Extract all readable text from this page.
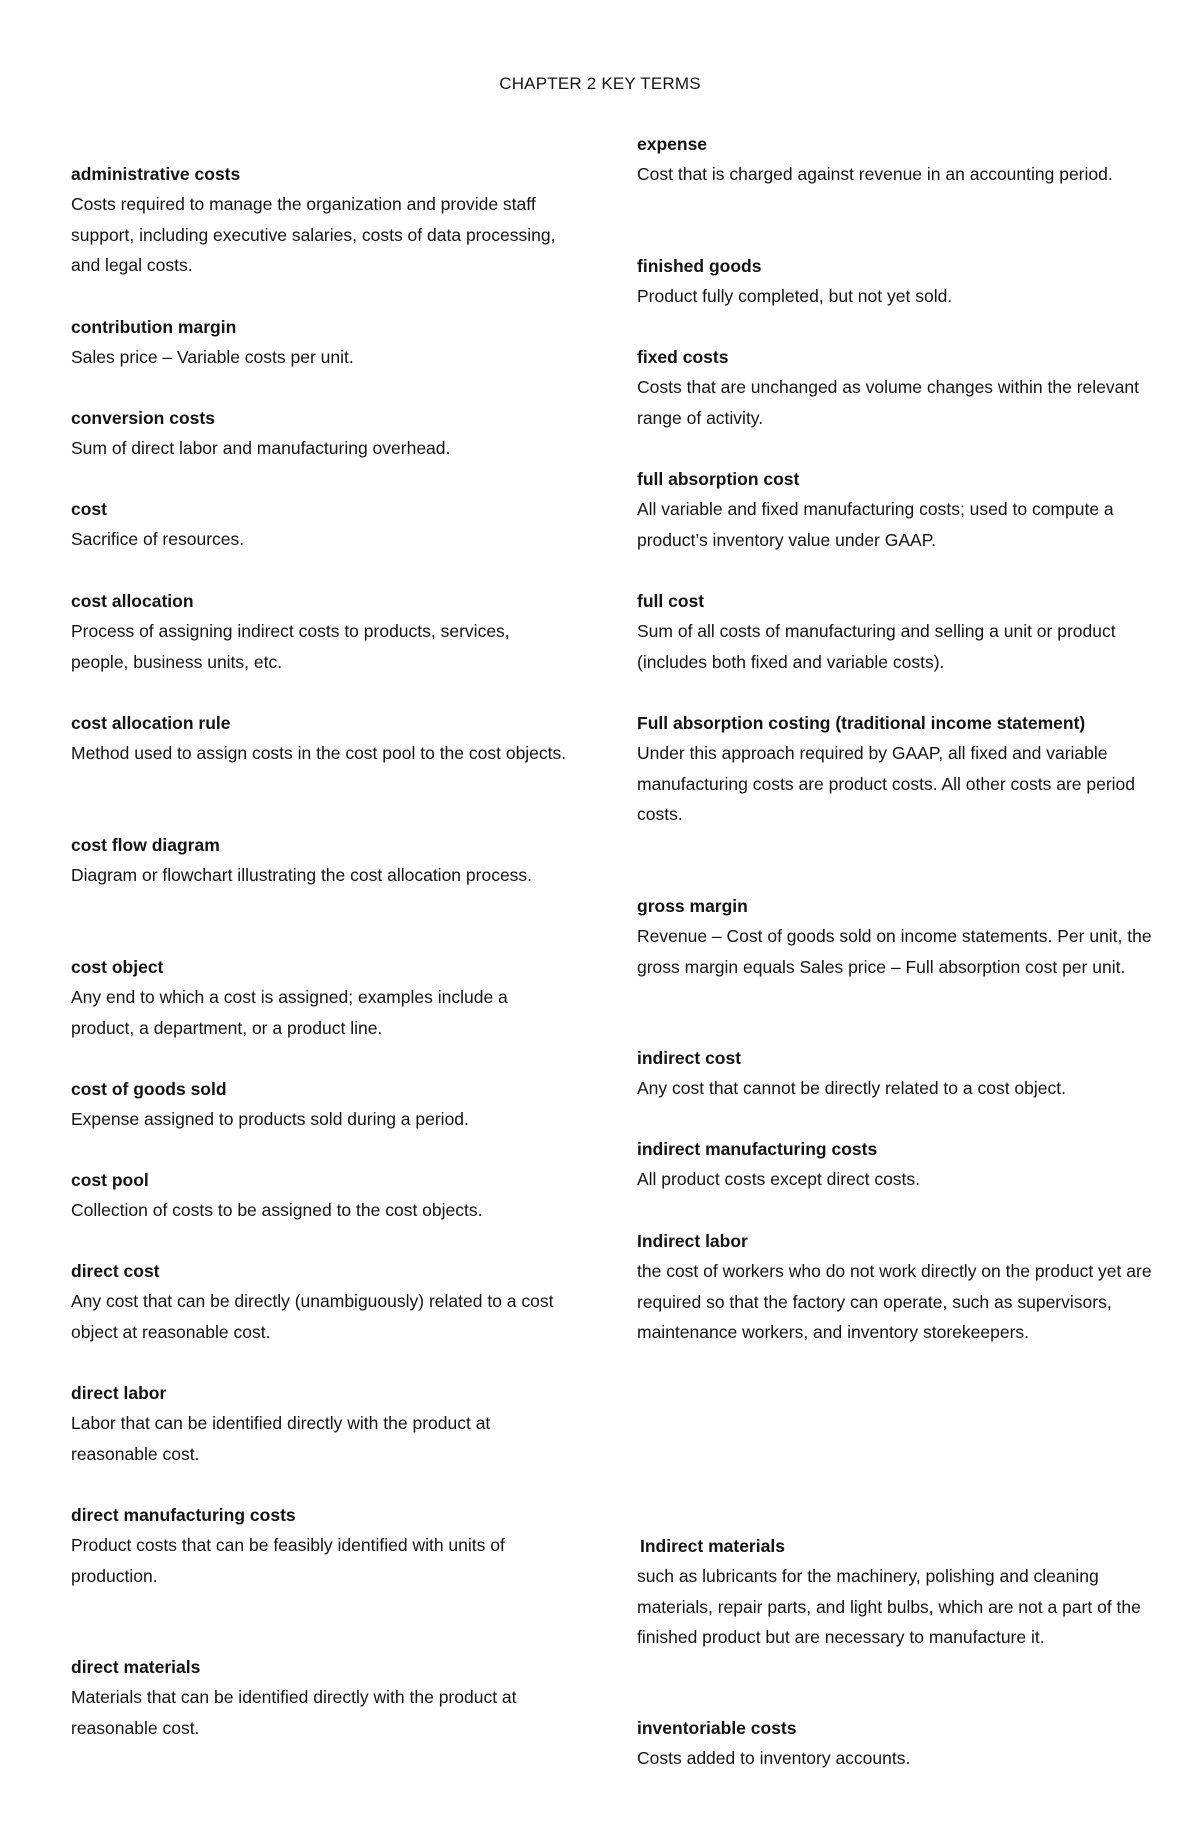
CHAPTER 2 KEY TERMS
administrative costs
Costs required to manage the organization and provide staff support, including executive salaries, costs of data processing, and legal costs.
contribution margin
Sales price – Variable costs per unit.
conversion costs
Sum of direct labor and manufacturing overhead.
cost
Sacrifice of resources.
cost allocation
Process of assigning indirect costs to products, services, people, business units, etc.
cost allocation rule
Method used to assign costs in the cost pool to the cost objects.
cost flow diagram
Diagram or flowchart illustrating the cost allocation process.
cost object
Any end to which a cost is assigned; examples include a product, a department, or a product line.
cost of goods sold
Expense assigned to products sold during a period.
cost pool
Collection of costs to be assigned to the cost objects.
direct cost
Any cost that can be directly (unambiguously) related to a cost object at reasonable cost.
direct labor
Labor that can be identified directly with the product at reasonable cost.
direct manufacturing costs
Product costs that can be feasibly identified with units of production.
direct materials
Materials that can be identified directly with the product at reasonable cost.
expense
Cost that is charged against revenue in an accounting period.
finished goods
Product fully completed, but not yet sold.
fixed costs
Costs that are unchanged as volume changes within the relevant range of activity.
full absorption cost
All variable and fixed manufacturing costs; used to compute a product’s inventory value under GAAP.
full cost
Sum of all costs of manufacturing and selling a unit or product (includes both fixed and variable costs).
Full absorption costing (traditional income statement)
Under this approach required by GAAP, all fixed and variable manufacturing costs are product costs. All other costs are period costs.
gross margin
Revenue – Cost of goods sold on income statements. Per unit, the gross margin equals Sales price – Full absorption cost per unit.
indirect cost
Any cost that cannot be directly related to a cost object.
indirect manufacturing costs
All product costs except direct costs.
Indirect labor
the cost of workers who do not work directly on the product yet are required so that the factory can operate, such as supervisors, maintenance workers, and inventory storekeepers.
Indirect materials
such as lubricants for the machinery, polishing and cleaning materials, repair parts, and light bulbs, which are not a part of the finished product but are necessary to manufacture it.
inventoriable costs
Costs added to inventory accounts.
